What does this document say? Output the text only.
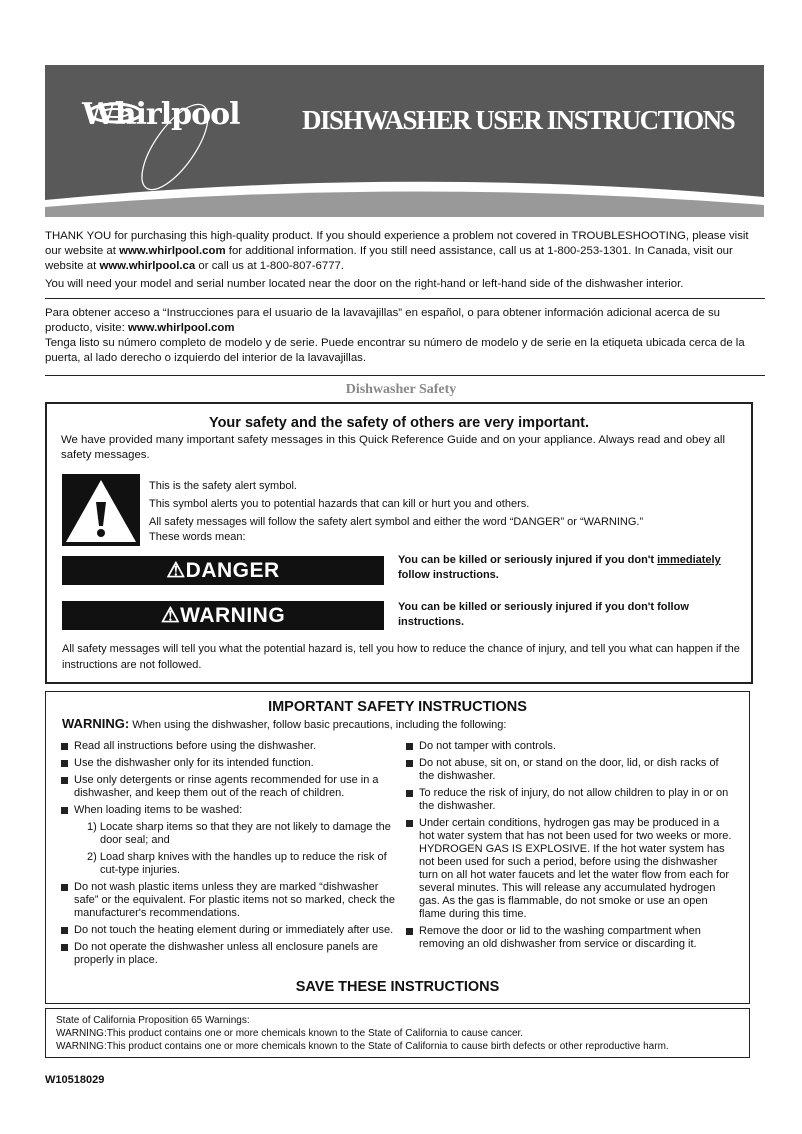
Whirlpool DISHWASHER USER INSTRUCTIONS

THANK YOU for purchasing this high-quality product. If you should experience a problem not covered in TROUBLESHOOTING, please visit our website at www.whirlpool.com for additional information. If you still need assistance, call us at 1-800-253-1301. In Canada, visit our website at www.whirlpool.ca or call us at 1-800-807-6777.

You will need your model and serial number located near the door on the right-hand or left-hand side of the dishwasher interior.

Para obtener acceso a “Instrucciones para el usuario de la lavavajillas” en español, o para obtener información adicional acerca de su producto, visite: www.whirlpool.com

Tenga listo su número completo de modelo y de serie. Puede encontrar su número de modelo y de serie en la etiqueta ubicada cerca de la puerta, al lado derecho o izquierdo del interior de la lavavajillas.

Dishwasher Safety
Your safety and the safety of others are very important.

We have provided many important safety messages in this Quick Reference Guide and on your appliance. Always read and obey all safety messages.

This is the safety alert symbol.
This symbol alerts you to potential hazards that can kill or hurt you and others.
All safety messages will follow the safety alert symbol and either the word “DANGER” or “WARNING.”
These words mean:
⚠DANGER	You can be killed or seriously injured if you don't immediately follow instructions.
⚠WARNING	You can be killed or seriously injured if you don't follow instructions.

All safety messages will tell you what the potential hazard is, tell you how to reduce the chance of injury, and tell you what can happen if the instructions are not followed.

IMPORTANT SAFETY INSTRUCTIONS

WARNING: When using the dishwasher, follow basic precautions, including the following:

Read all instructions before using the dishwasher.
Use the dishwasher only for its intended function.
Use only detergents or rinse agents recommended for use in a dishwasher, and keep them out of the reach of children.
When loading items to be washed:
1) Locate sharp items so that they are not likely to damage the door seal; and
2) Load sharp knives with the handles up to reduce the risk of cut-type injuries.
Do not wash plastic items unless they are marked “dishwasher safe” or the equivalent. For plastic items not so marked, check the manufacturer's recommendations.
Do not touch the heating element during or immediately after use.
Do not operate the dishwasher unless all enclosure panels are properly in place.
Do not tamper with controls.
Do not abuse, sit on, or stand on the door, lid, or dish racks of the dishwasher.
To reduce the risk of injury, do not allow children to play in or on the dishwasher.
Under certain conditions, hydrogen gas may be produced in a hot water system that has not been used for two weeks or more. HYDROGEN GAS IS EXPLOSIVE. If the hot water system has not been used for such a period, before using the dishwasher turn on all hot water faucets and let the water flow from each for several minutes. This will release any accumulated hydrogen gas. As the gas is flammable, do not smoke or use an open flame during this time.
Remove the door or lid to the washing compartment when removing an old dishwasher from service or discarding it.
SAVE THESE INSTRUCTIONS
State of California Proposition 65 Warnings:
WARNING:This product contains one or more chemicals known to the State of California to cause cancer.
WARNING:This product contains one or more chemicals known to the State of California to cause birth defects or other reproductive harm.
W10518029
